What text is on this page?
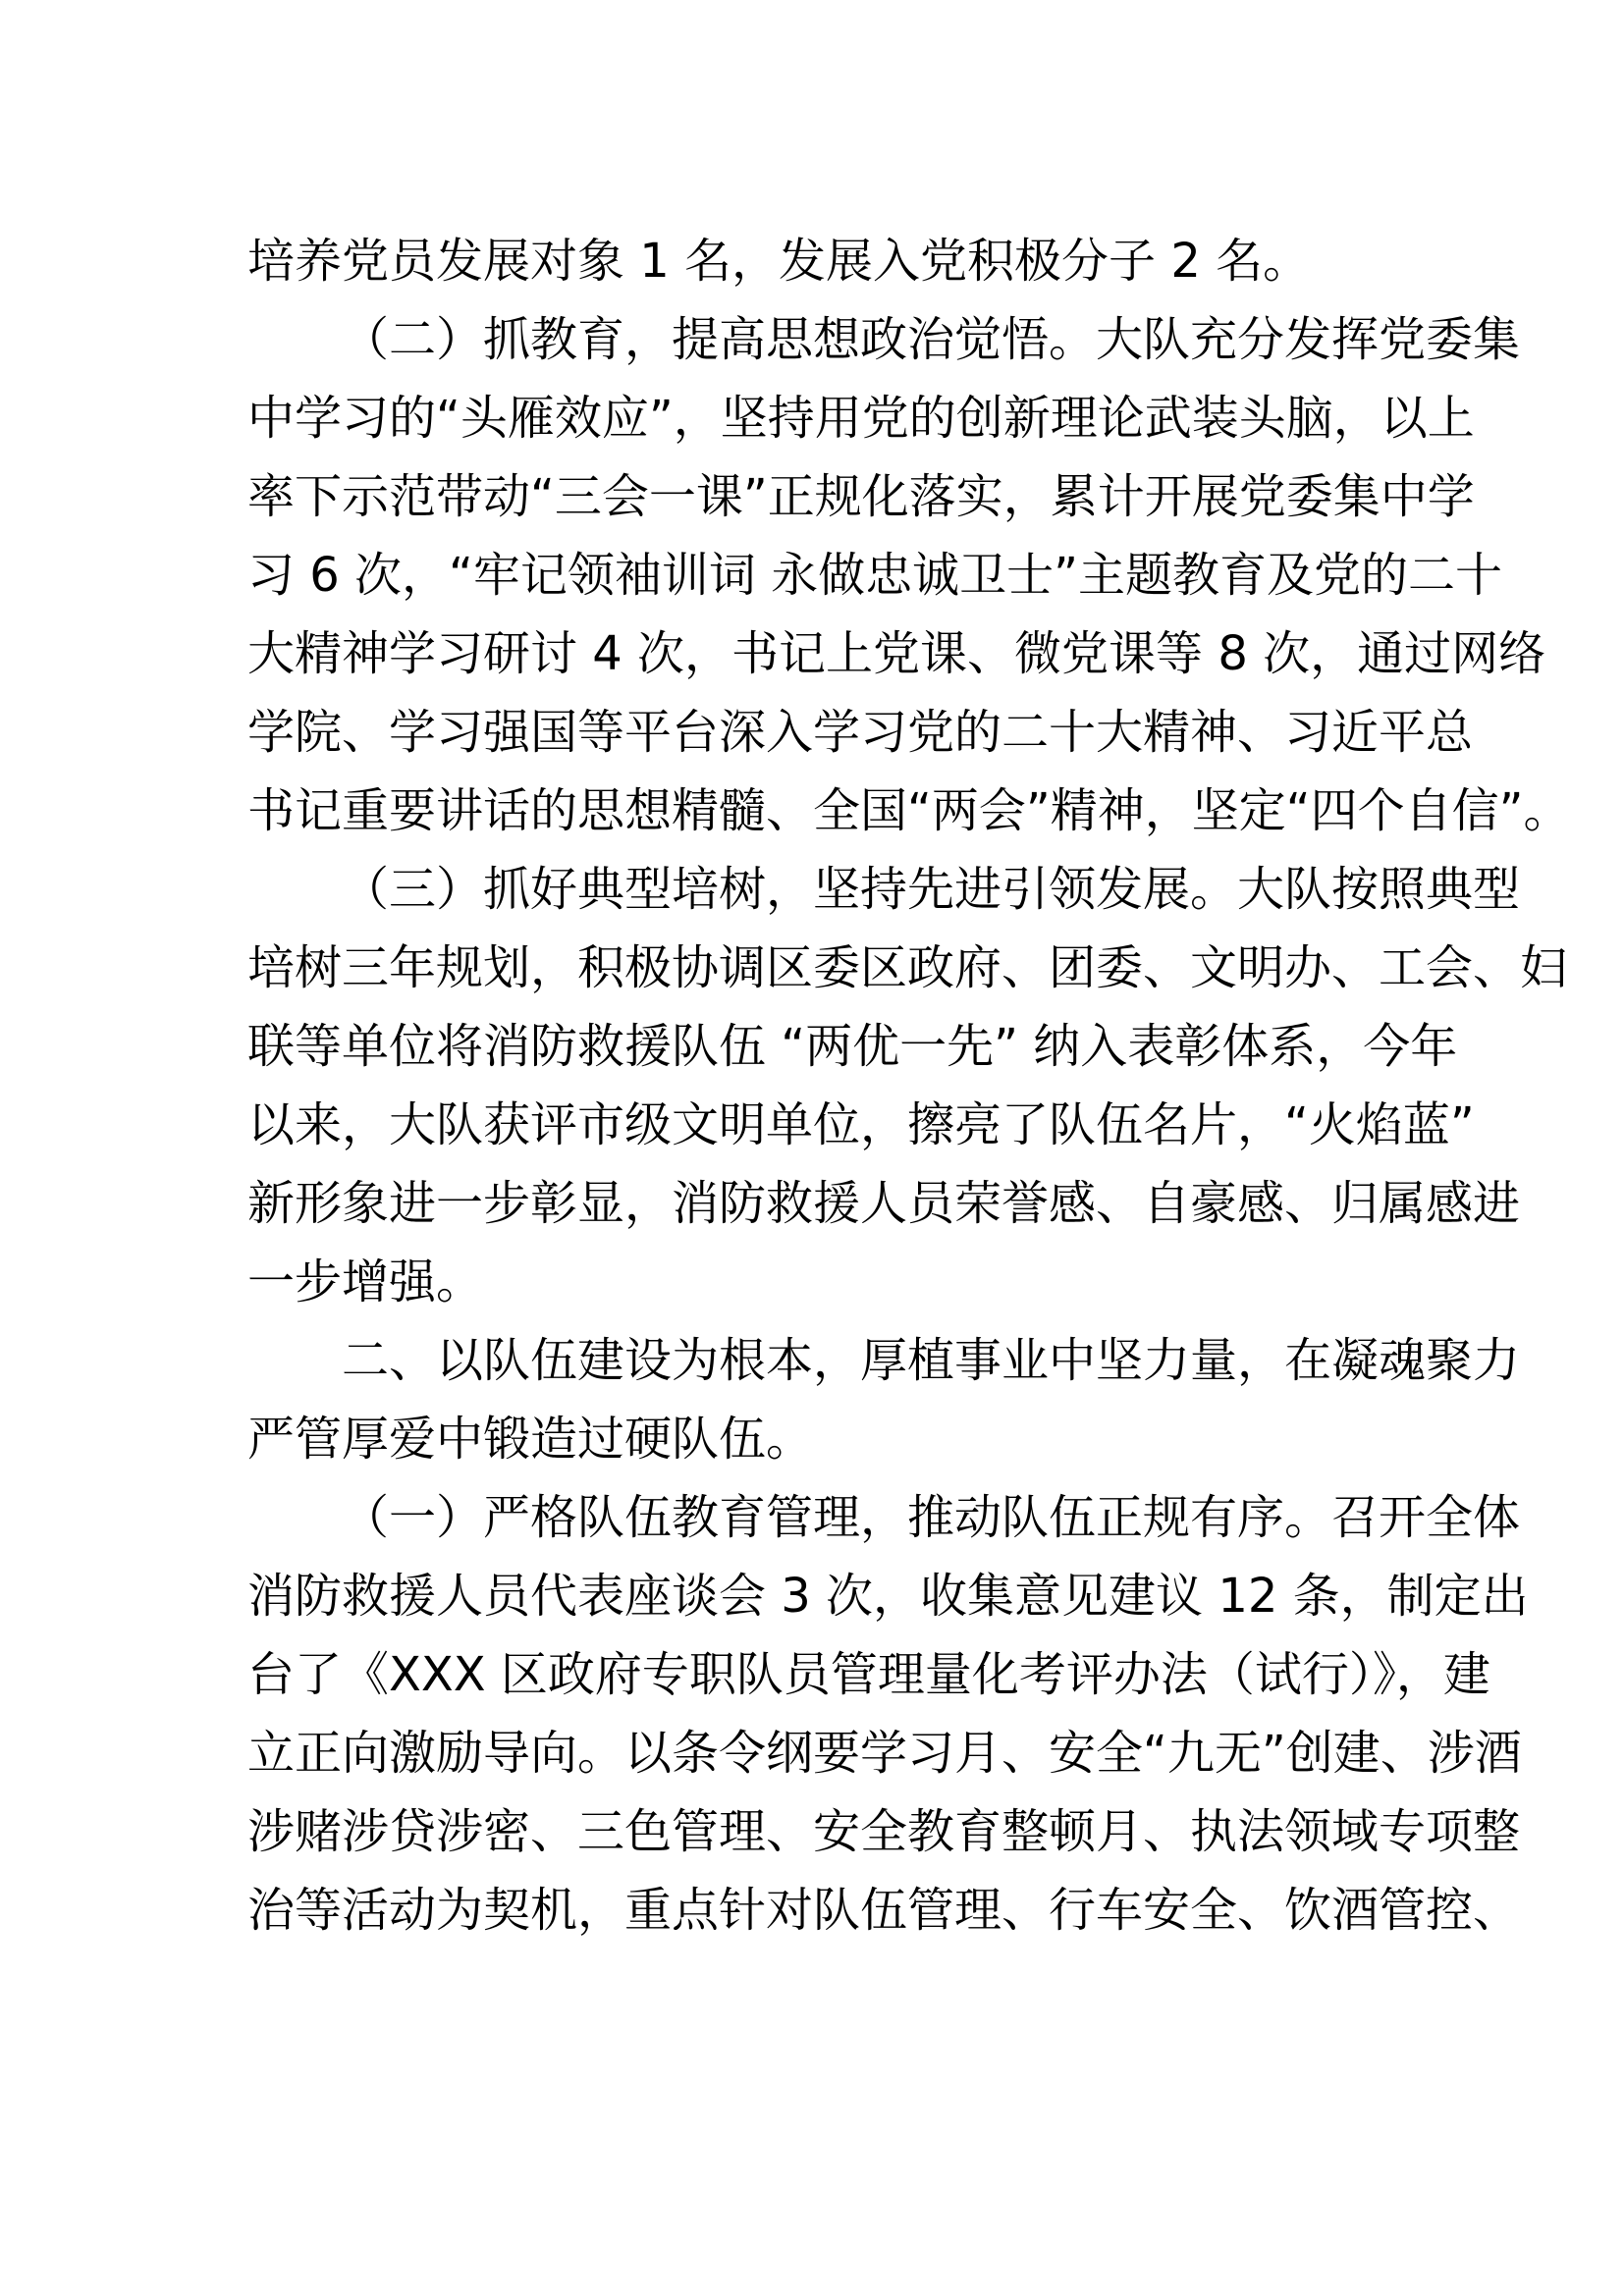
培养党员发展对象 1 名，发展入党积极分子 2 名。
（二）抓教育，提高思想政治觉悟。大队充分发挥党委集
中学习的“头雁效应”，坚持用党的创新理论武装头脑，以上
率下示范带动“三会一课”正规化落实，累计开展党委集中学
习 6 次，“牢记领袖训词 永做忠诚卫士”主题教育及党的二十
大精神学习研讨 4 次，书记上党课、微党课等 8 次，通过网络
学院、学习强国等平台深入学习党的二十大精神、习近平总
书记重要讲话的思想精髓、全国“两会”精神，坚定“四个自信”。
（三）抓好典型培树，坚持先进引领发展。大队按照典型
培树三年规划，积极协调区委区政府、团委、文明办、工会、妇
联等单位将消防救援队伍 “两优一先” 纳入表彰体系，今年
以来，大队获评市级文明单位，擦亮了队伍名片，“火焰蓝”
新形象进一步彰显，消防救援人员荣誉感、自豪感、归属感进
一步增强。
二、以队伍建设为根本，厚植事业中坚力量，在凝魂聚力
严管厚爱中锻造过硬队伍。
（一）严格队伍教育管理，推动队伍正规有序。召开全体
消防救援人员代表座谈会 3 次，收集意见建议 12 条，制定出
台了《XXX 区政府专职队员管理量化考评办法（试行）》，建
立正向激励导向。以条令纲要学习月、安全“九无”创建、涉酒
涉赌涉贷涉密、三色管理、安全教育整顿月、执法领域专项整
治等活动为契机，重点针对队伍管理、行车安全、饮酒管控、
